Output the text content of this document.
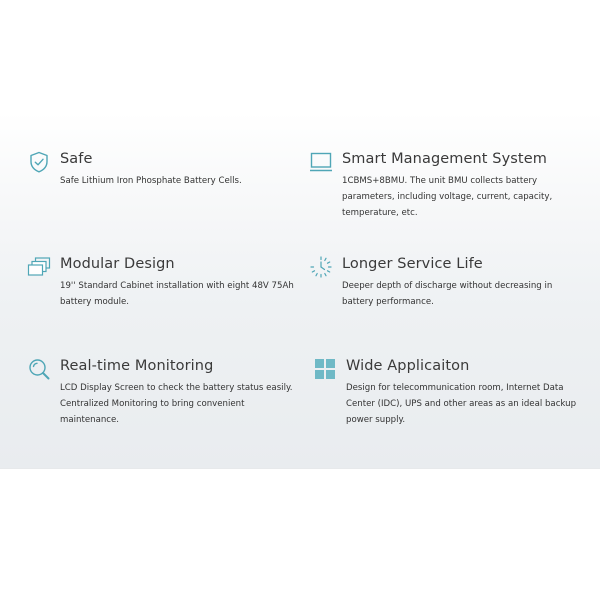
Safe
Safe Lithium Iron Phosphate Battery Cells.
Smart Management System
1CBMS+8BMU. The unit BMU collects battery parameters, including voltage, current, capacity, temperature, etc.
Modular Design
19'' Standard Cabinet installation with eight 48V 75Ah battery module.
Longer Service Life
Deeper depth of discharge without decreasing in battery performance.
Real-time Monitoring
LCD Display Screen to check the battery status easily. Centralized Monitoring to bring convenient maintenance.
Wide Applicaiton
Design for telecommunication room, Internet Data Center (IDC), UPS and other areas as an ideal backup power supply.
